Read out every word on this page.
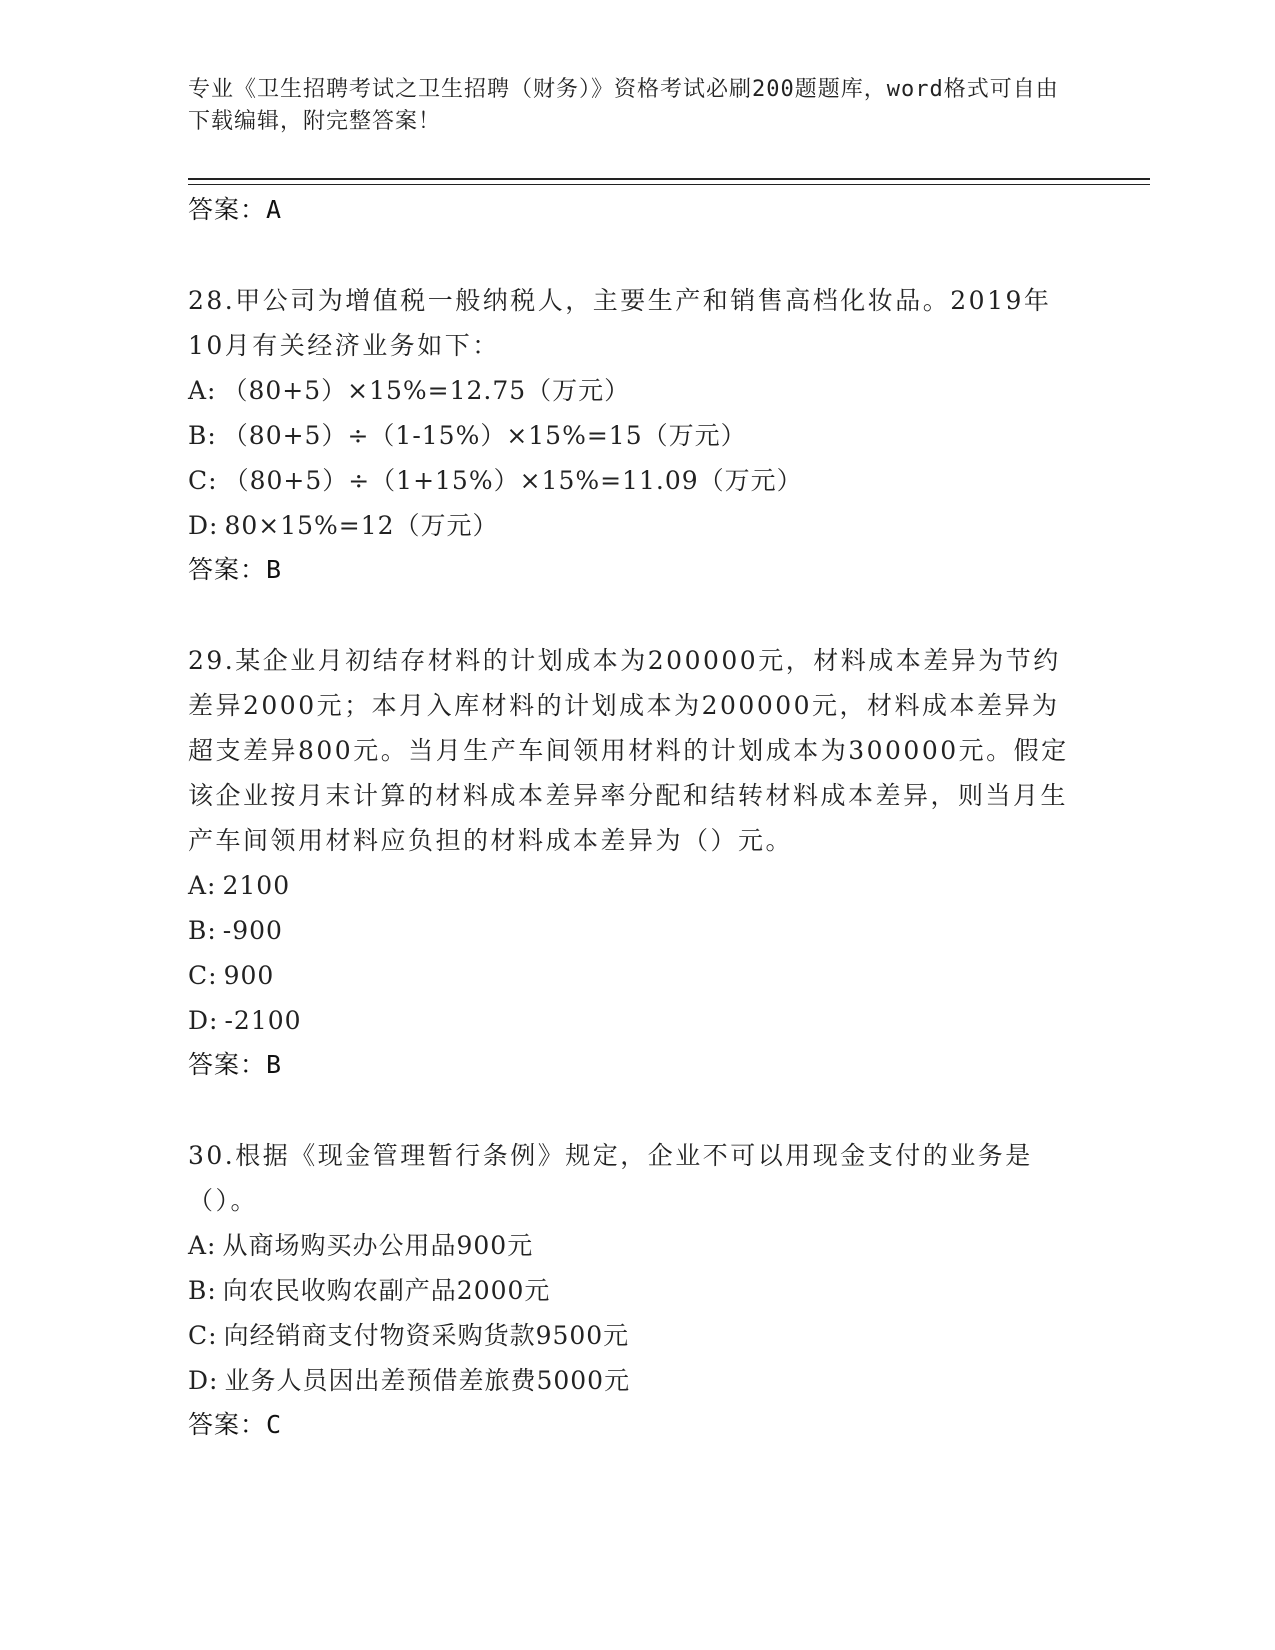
专业《卫生招聘考试之卫生招聘（财务）》资格考试必刷200题题库，word格式可自由下载编辑，附完整答案！
答案：A
28.甲公司为增值税一般纳税人，主要生产和销售高档化妆品。2019年10月有关经济业务如下：
A: （80+5）×15%=12.75（万元）
B: （80+5）÷（1-15%）×15%=15（万元）
C: （80+5）÷（1+15%）×15%=11.09（万元）
D: 80×15%=12（万元）
答案：B
29.某企业月初结存材料的计划成本为200000元，材料成本差异为节约差异2000元；本月入库材料的计划成本为200000元，材料成本差异为超支差异800元。当月生产车间领用材料的计划成本为300000元。假定该企业按月末计算的材料成本差异率分配和结转材料成本差异，则当月生产车间领用材料应负担的材料成本差异为（）元。
A: 2100
B: -900
C: 900
D: -2100
答案：B
30.根据《现金管理暂行条例》规定，企业不可以用现金支付的业务是（）。
A: 从商场购买办公用品900元
B: 向农民收购农副产品2000元
C: 向经销商支付物资采购货款9500元
D: 业务人员因出差预借差旅费5000元
答案：C
